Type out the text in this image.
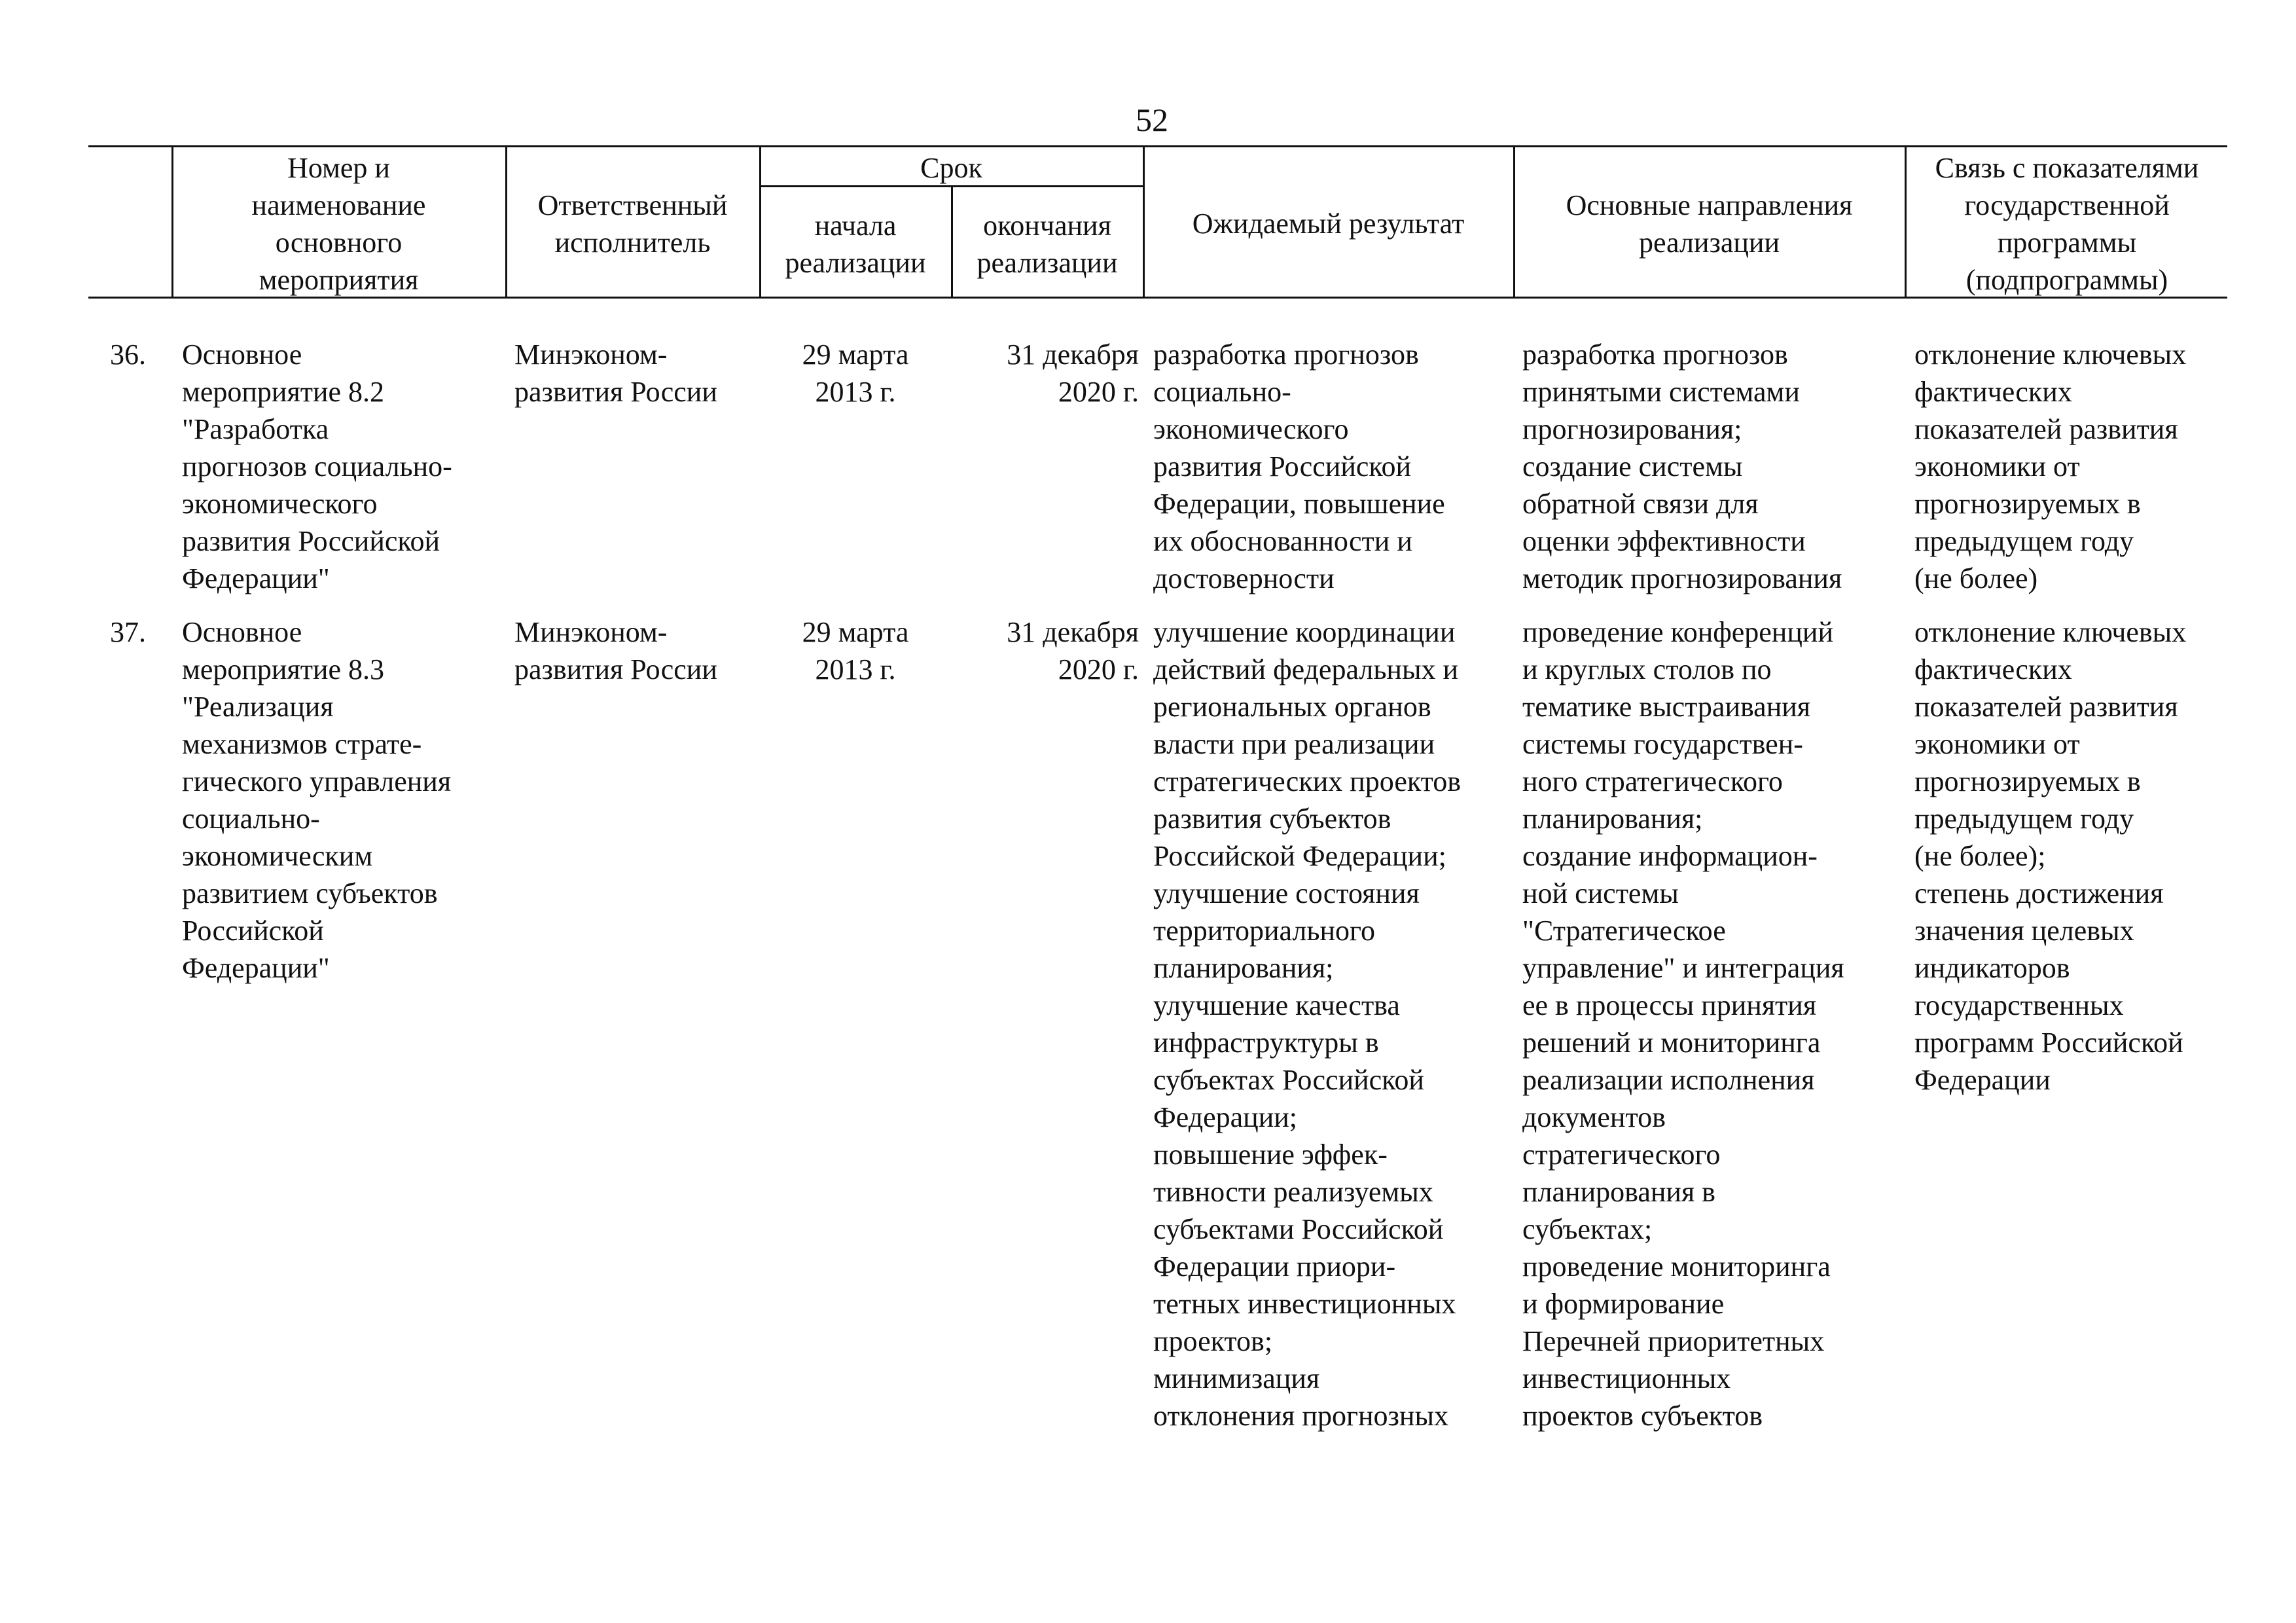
52
Номер и
наименование
основного
мероприятия
Ответственный
исполнитель
Срок
начала
реализации
окончания
реализации
Ожидаемый результат
Основные направления
реализации
Связь с показателями
государственной
программы
(подпрограммы)
36.	Основное
мероприятие 8.2
"Разработка
прогнозов социально-
экономического
развития Российской
Федерации"
Минэконом-
развития России
29 марта
2013 г.
31 декабря
2020 г.
разработка прогнозов
социально-
экономического
развития Российской
Федерации, повышение
их обоснованности и
достоверности
разработка прогнозов
принятыми системами
прогнозирования;
создание системы
обратной связи для
оценки эффективности
методик прогнозирования
отклонение ключевых
фактических
показателей развития
экономики от
прогнозируемых в
предыдущем году
(не более)
37.	Основное
мероприятие 8.3
"Реализация
механизмов страте-
гического управления
социально-
экономическим
развитием субъектов
Российской
Федерации"
Минэконом-
развития России
29 марта
2013 г.
31 декабря
2020 г.
улучшение координации
действий федеральных и
региональных органов
власти при реализации
стратегических проектов
развития субъектов
Российской Федерации;
улучшение состояния
территориального
планирования;
улучшение качества
инфраструктуры в
субъектах Российской
Федерации;
повышение эффек-
тивности реализуемых
субъектами Российской
Федерации приори-
тетных инвестиционных
проектов;
минимизация
отклонения прогнозных
проведение конференций
и круглых столов по
тематике выстраивания
системы государствен-
ного стратегического
планирования;
создание информацион-
ной системы
"Стратегическое
управление" и интеграция
ее в процессы принятия
решений и мониторинга
реализации исполнения
документов
стратегического
планирования в
субъектах;
проведение мониторинга
и формирование
Перечней приоритетных
инвестиционных
проектов субъектов
отклонение ключевых
фактических
показателей развития
экономики от
прогнозируемых в
предыдущем году
(не более);
степень достижения
значения целевых
индикаторов
государственных
программ Российской
Федерации
